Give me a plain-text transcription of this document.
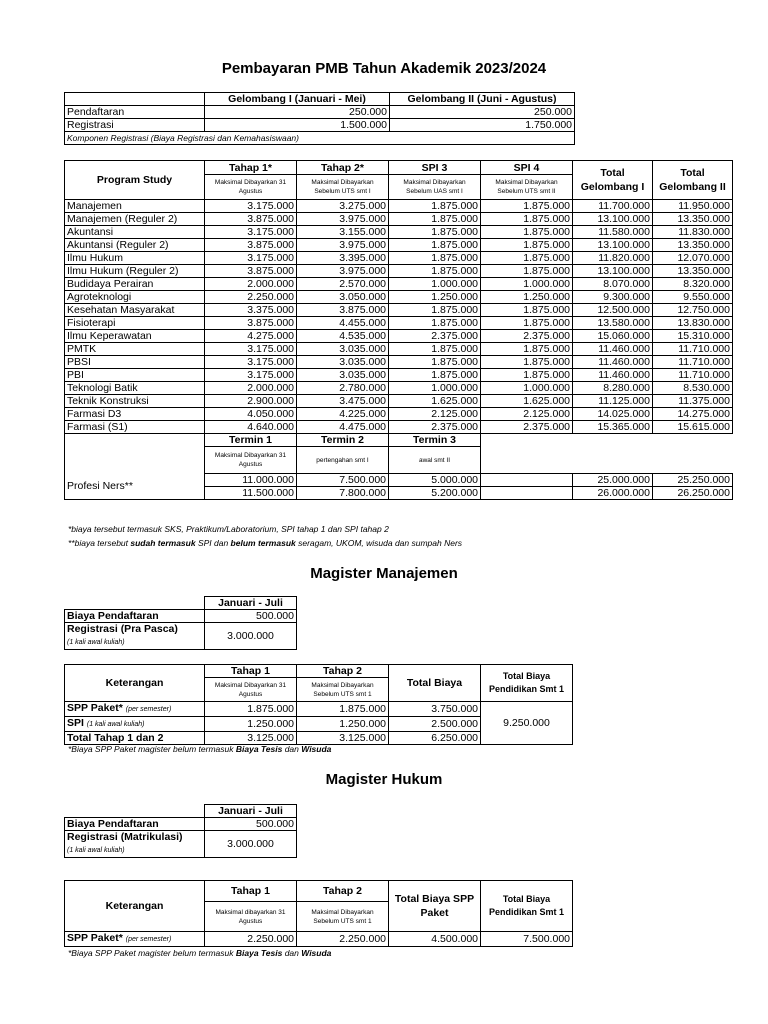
Pembayaran PMB Tahun Akademik 2023/2024
	Gelombang I (Januari - Mei)	Gelombang II (Juni - Agustus)
Pendaftaran	250.000	250.000
Registrasi	1.500.000	1.750.000
Komponen Registrasi (Biaya Registrasi dan Kemahasiswaan)		
Program Study	Tahap 1*	Tahap 2*	SPI 3	SPI 4	Total Gelombang I	Total Gelombang II
	Maksimal Dibayarkan 31 Agustus	Maksimal Dibayarkan Sebelum UTS smt I	Maksimal Dibayarkan Sebelum UAS smt I	Maksimal Dibayarkan Sebelum UTS smt II		
Manajemen	3.175.000	3.275.000	1.875.000	1.875.000	11.700.000	11.950.000
Manajemen (Reguler 2)	3.875.000	3.975.000	1.875.000	1.875.000	13.100.000	13.350.000
Akuntansi	3.175.000	3.155.000	1.875.000	1.875.000	11.580.000	11.830.000
Akuntansi (Reguler 2)	3.875.000	3.975.000	1.875.000	1.875.000	13.100.000	13.350.000
Ilmu Hukum	3.175.000	3.395.000	1.875.000	1.875.000	11.820.000	12.070.000
Ilmu Hukum (Reguler 2)	3.875.000	3.975.000	1.875.000	1.875.000	13.100.000	13.350.000
Budidaya Perairan	2.000.000	2.570.000	1.000.000	1.000.000	8.070.000	8.320.000
Agroteknologi	2.250.000	3.050.000	1.250.000	1.250.000	9.300.000	9.550.000
Kesehatan Masyarakat	3.375.000	3.875.000	1.875.000	1.875.000	12.500.000	12.750.000
Fisioterapi	3.875.000	4.455.000	1.875.000	1.875.000	13.580.000	13.830.000
Ilmu Keperawatan	4.275.000	4.535.000	2.375.000	2.375.000	15.060.000	15.310.000
PMTK	3.175.000	3.035.000	1.875.000	1.875.000	11.460.000	11.710.000
PBSI	3.175.000	3.035.000	1.875.000	1.875.000	11.460.000	11.710.000
PBI	3.175.000	3.035.000	1.875.000	1.875.000	11.460.000	11.710.000
Teknologi Batik	2.000.000	2.780.000	1.000.000	1.000.000	8.280.000	8.530.000
Teknik Konstruksi	2.900.000	3.475.000	1.625.000	1.625.000	11.125.000	11.375.000
Farmasi D3	4.050.000	4.225.000	2.125.000	2.125.000	14.025.000	14.275.000
Farmasi (S1)	4.640.000	4.475.000	2.375.000	2.375.000	15.365.000	15.615.000
	Termin 1	Termin 2	Termin 3			
	Maksimal Dibayarkan 31 Agustus	pertengahan smt I	awal smt II			
Profesi Ners**	11.000.000	7.500.000	5.000.000		25.000.000	25.250.000
	11.500.000	7.800.000	5.200.000		26.000.000	26.250.000
*biaya tersebut termasuk SKS, Praktikum/Laboratorium, SPI tahap 1 dan SPI tahap 2
**biaya tersebut sudah termasuk SPI dan belum termasuk seragam, UKOM, wisuda dan sumpah Ners
Magister Manajemen
	Januari - Juli
Biaya Pendaftaran	500.000

Registrasi (Pra Pasca)
(1 kali awal kuliah)	3.000.000
Keterangan	Tahap 1	Tahap 2	Total Biaya	Total Biaya Pendidikan Smt 1
	Maksimal Dibayarkan 31 Agustus	Maksimal Dibayarkan Sebelum UTS smt 1		
SPP Paket* (per semester)	1.875.000	1.875.000	3.750.000	9.250.000
SPI (1 kali awal kuliah)	1.250.000	1.250.000	2.500.000	
Total Tahap 1 dan 2	3.125.000	3.125.000	6.250.000	
*Biaya SPP Paket magister belum termasuk Biaya Tesis dan Wisuda
Magister Hukum
	Januari - Juli
Biaya Pendaftaran	500.000

Registrasi (Matrikulasi)
(1 kali awal kuliah)	3.000.000
Keterangan	Tahap 1	Tahap 2	Total Biaya SPP Paket	Total Biaya Pendidikan Smt 1
	Maksimal dibayarkan 31 Agustus	Maksimal Dibayarkan Sebelum UTS smt 1		
SPP Paket* (per semester)	2.250.000	2.250.000	4.500.000	7.500.000
*Biaya SPP Paket magister belum termasuk Biaya Tesis dan Wisuda
